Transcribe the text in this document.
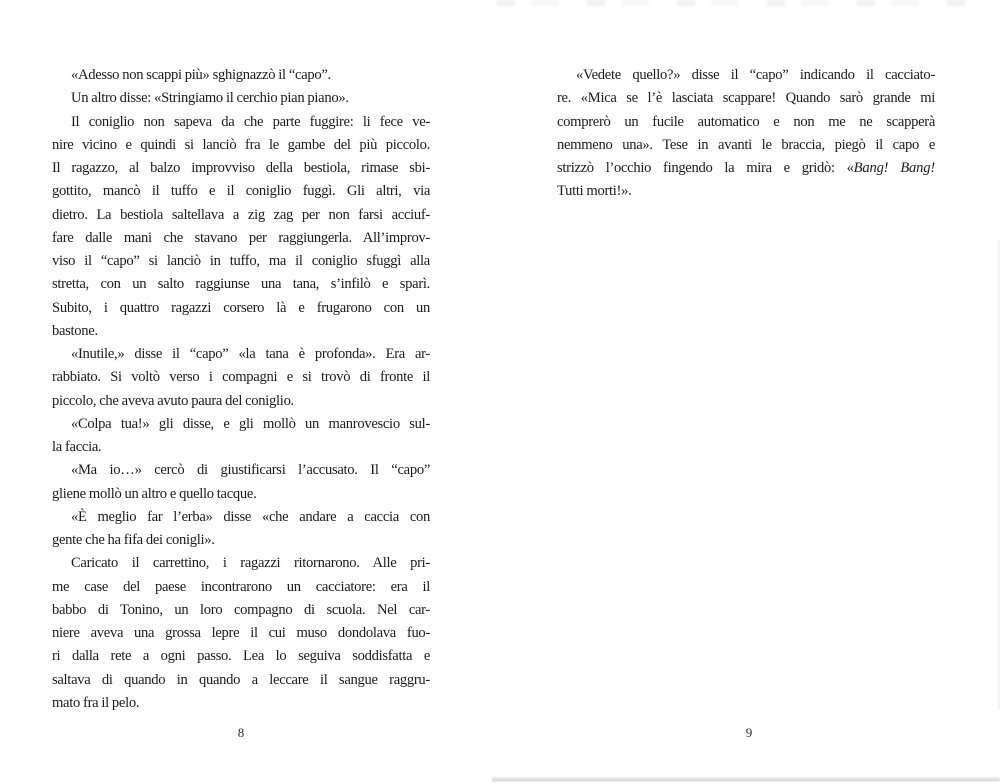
«Adesso non scappi più» sghignazzò il “capo”.
Un altro disse: «Stringiamo il cerchio pian piano».
Il coniglio non sapeva da che parte fuggire: li fece ve-
nire vicino e quindi si lanciò fra le gambe del più piccolo.
Il ragazzo, al balzo improvviso della bestiola, rimase sbi-
gottito, mancò il tuffo e il coniglio fuggì. Gli altri, via
dietro. La bestiola saltellava a zig zag per non farsi acciuf-
fare dalle mani che stavano per raggiungerla. All’improv-
viso il “capo” si lanciò in tuffo, ma il coniglio sfuggì alla
stretta, con un salto raggiunse una tana, s’infilò e sparì.
Subito, i quattro ragazzi corsero là e frugarono con un
bastone.
«Inutile,» disse il “capo” «la tana è profonda». Era ar-
rabbiato. Si voltò verso i compagni e si trovò di fronte il
piccolo, che aveva avuto paura del coniglio.
«Colpa tua!» gli disse, e gli mollò un manrovescio sul-
la faccia.
«Ma io…» cercò di giustificarsi l’accusato. Il “capo”
gliene mollò un altro e quello tacque.
«È meglio far l’erba» disse «che andare a caccia con
gente che ha fifa dei conigli».
Caricato il carrettino, i ragazzi ritornarono. Alle pri-
me case del paese incontrarono un cacciatore: era il
babbo di Tonino, un loro compagno di scuola. Nel car-
niere aveva una grossa lepre il cui muso dondolava fuo-
ri dalla rete a ogni passo. Lea lo seguiva soddisfatta e
saltava di quando in quando a leccare il sangue raggru-
mato fra il pelo.
«Vedete quello?» disse il “capo” indicando il cacciato-
re. «Mica se l’è lasciata scappare! Quando sarò grande mi
comprerò un fucile automatico e non me ne scapperà
nemmeno una». Tese in avanti le braccia, piegò il capo e
strizzò l’occhio fingendo la mira e gridò: «Bang! Bang!
Tutti morti!».
8	9
